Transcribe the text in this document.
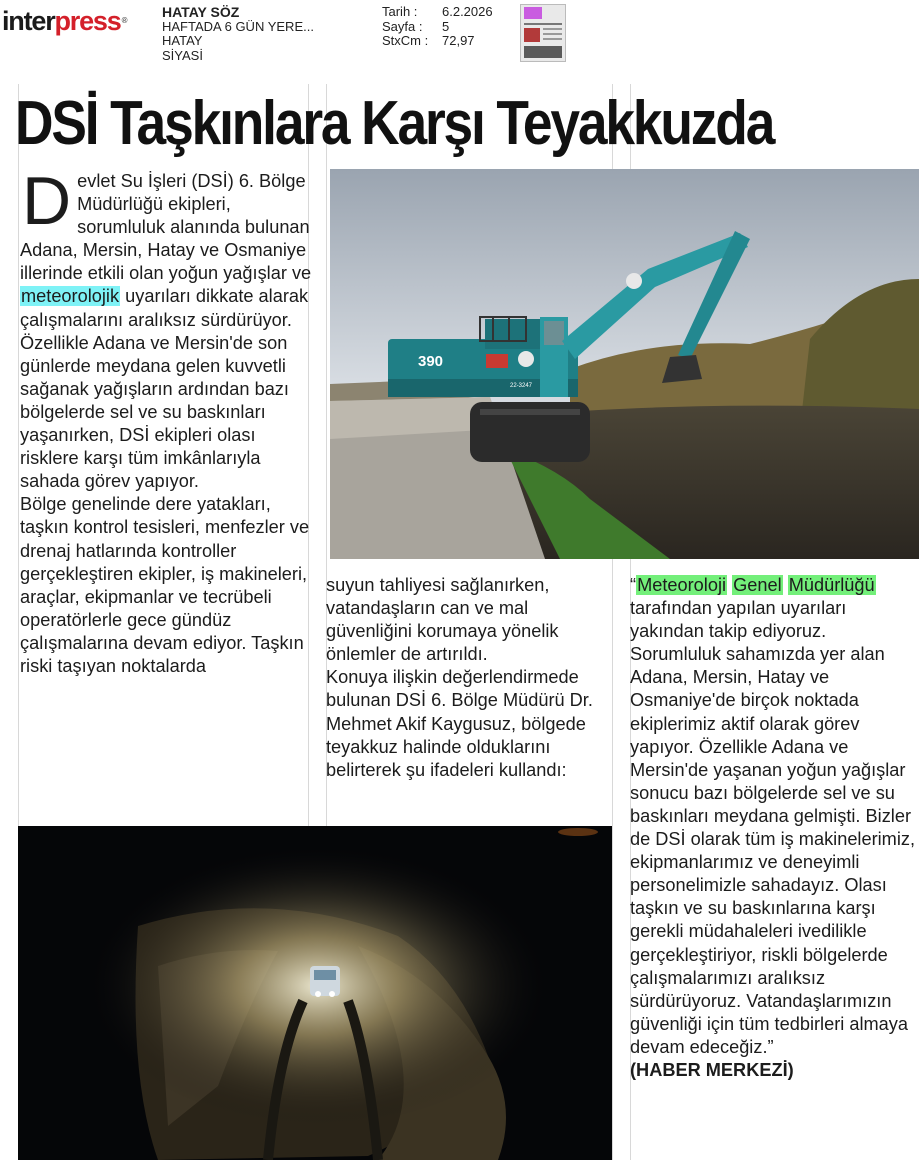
interpress®
HATAY SÖZ
HAFTADA 6 GÜN YERE...
HATAY
SİYASİ
Tarih :	6.2.2026
Sayfa :	5
StxCm :	72,97
DSİ Taşkınlara Karşı Teyakkuzda

Devlet Su İşleri (DSİ) 6. Bölge Müdürlüğü ekipleri, sorumluluk alanında bulunan Adana, Mersin, Hatay ve Osmaniye illerinde etkili olan yoğun yağışlar ve meteorolojik uyarıları dikkate alarak çalışmalarını aralıksız sürdürüyor. Özellikle Adana ve Mersin'de son günlerde meydana gelen kuvvetli sağanak yağışların ardından bazı bölgelerde sel ve su baskınları yaşanırken, DSİ ekipleri olası risklere karşı tüm imkânlarıyla sahada görev yapıyor.

Bölge genelinde dere yatakları, taşkın kontrol tesisleri, menfezler ve drenaj hatlarında kontroller gerçekleştiren ekipler, iş makineleri, araçlar, ekipmanlar ve tecrübeli operatörlerle gece gündüz çalışmalarına devam ediyor. Taşkın riski taşıyan noktalarda

suyun tahliyesi sağlanırken, vatandaşların can ve mal güvenliğini korumaya yönelik önlemler de artırıldı.

Konuya ilişkin değerlendirmede bulunan DSİ 6. Bölge Müdürü Dr. Mehmet Akif Kaygusuz, bölgede teyakkuz halinde olduklarını belirterek şu ifadeleri kullandı:

“Meteoroloji Genel Müdürlüğü tarafından yapılan uyarıları yakından takip ediyoruz. Sorumluluk sahamızda yer alan Adana, Mersin, Hatay ve Osmaniye'de birçok noktada ekiplerimiz aktif olarak görev yapıyor. Özellikle Adana ve Mersin'de yaşanan yoğun yağışlar sonucu bazı bölgelerde sel ve su baskınları meydana gelmişti. Bizler de DSİ olarak tüm iş makinelerimiz, ekipmanlarımız ve deneyimli personelimizle sahadayız. Olası taşkın ve su baskınlarına karşı gerekli müdahaleleri ivedilikle gerçekleştiriyor, riskli bölgelerde çalışmalarımızı aralıksız sürdürüyoruz. Vatandaşlarımızın güvenliği için tüm tedbirleri almaya devam edeceğiz.”

(HABER MERKEZİ)

390
22-3247
